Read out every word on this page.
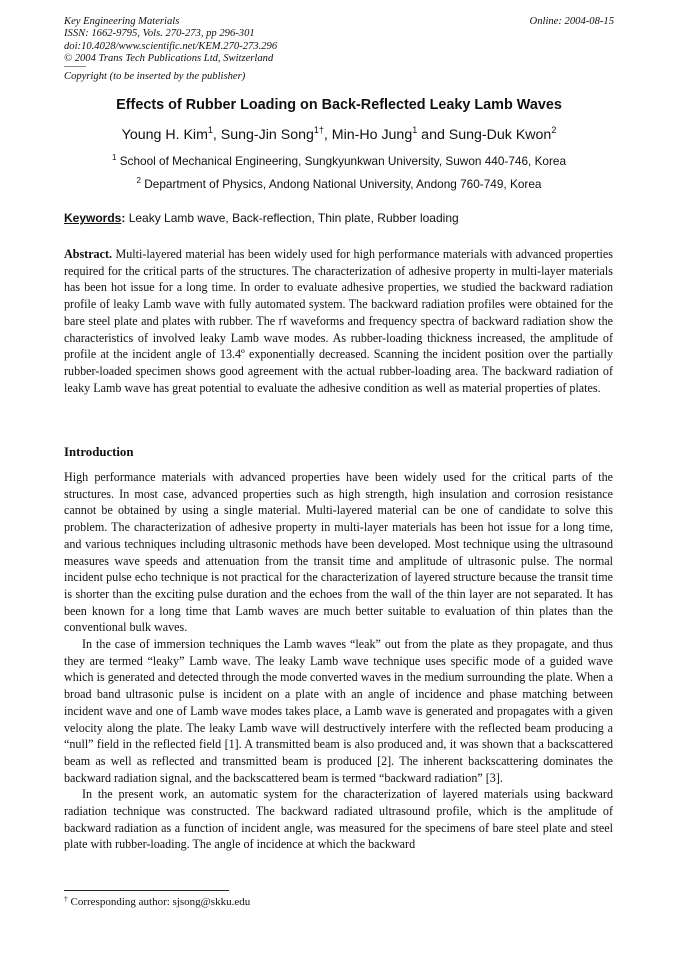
Key Engineering Materials
ISSN: 1662-9795, Vols. 270-273, pp 296-301
doi:10.4028/www.scientific.net/KEM.270-273.296
© 2004 Trans Tech Publications Ltd, Switzerland
Online: 2004-08-15
Copyright (to be inserted by the publisher)
Effects of Rubber Loading on Back-Reflected Leaky Lamb Waves
Young H. Kim$^1$, Sung-Jin Song$^{1\dagger}$, Min-Ho Jung$^1$ and Sung-Duk Kwon$^2$
$^1$ School of Mechanical Engineering, Sungkyunkwan University, Suwon 440-746, Korea
$^2$ Department of Physics, Andong National University, Andong 760-749, Korea
Keywords: Leaky Lamb wave, Back-reflection, Thin plate, Rubber loading
Abstract. Multi-layered material has been widely used for high performance materials with advanced properties required for the critical parts of the structures. The characterization of adhesive property in multi-layer materials has been hot issue for a long time. In order to evaluate adhesive properties, we studied the backward radiation profile of leaky Lamb wave with fully automated system. The backward radiation profiles were obtained for the bare steel plate and plates with rubber. The rf waveforms and frequency spectra of backward radiation show the characteristics of involved leaky Lamb wave modes. As rubber-loading thickness increased, the amplitude of profile at the incident angle of 13.4º exponentially decreased. Scanning the incident position over the partially rubber-loaded specimen shows good agreement with the actual rubber-loading area. The backward radiation of leaky Lamb wave has great potential to evaluate the adhesive condition as well as material properties of plates.
Introduction

High performance materials with advanced properties have been widely used for the critical parts of the structures. In most case, advanced properties such as high strength, high insulation and corrosion resistance cannot be obtained by using a single material. Multi-layered material can be one of candidate to solve this problem. The characterization of adhesive property in multi-layer materials has been hot issue for a long time, and various techniques including ultrasonic methods have been developed. Most technique using the ultrasound measures wave speeds and attenuation from the transit time and amplitude of ultrasonic pulse. The normal incident pulse echo technique is not practical for the characterization of layered structure because the transit time is shorter than the exciting pulse duration and the echoes from the wall of the thin layer are not separated. It has been known for a long time that Lamb waves are much better suitable to evaluation of thin plates than the conventional bulk waves.

In the case of immersion techniques the Lamb waves “leak” out from the plate as they propagate, and thus they are termed “leaky” Lamb wave. The leaky Lamb wave technique uses specific mode of a guided wave which is generated and detected through the mode converted waves in the medium surrounding the plate. When a broad band ultrasonic pulse is incident on a plate with an angle of incidence and phase matching between incident wave and one of Lamb wave modes takes place, a Lamb wave is generated and propagates with a given velocity along the plate. The leaky Lamb wave will destructively interfere with the reflected beam producing a “null” field in the reflected field [1]. A transmitted beam is also produced and, it was shown that a backscattered beam as well as reflected and transmitted beam is produced [2]. The inherent backscattering dominates the backward radiation signal, and the backscattered beam is termed “backward radiation” [3].

In the present work, an automatic system for the characterization of layered materials using backward radiation technique was constructed. The backward radiated ultrasound profile, which is the amplitude of backward radiation as a function of incident angle, was measured for the specimens of bare steel plate and steel plate with rubber-loading. The angle of incidence at which the backward

† Corresponding author: sjsong@skku.edu
